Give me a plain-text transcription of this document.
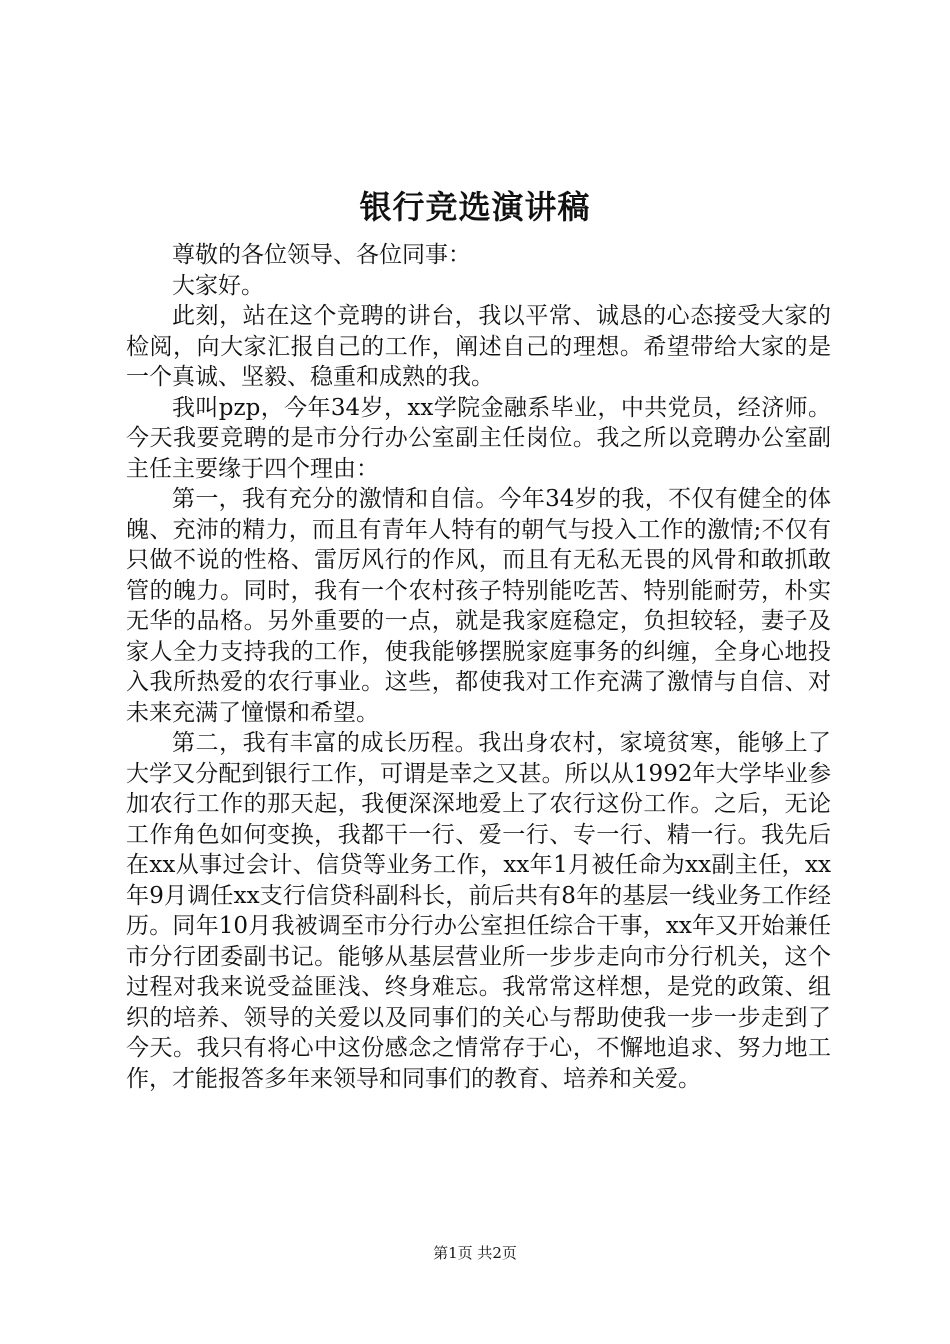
银行竞选演讲稿

尊敬的各位领导、各位同事：

大家好。

此刻，站在这个竞聘的讲台，我以平常、诚恳的心态接受大家的检阅，向大家汇报自己的工作，阐述自己的理想。希望带给大家的是一个真诚、坚毅、稳重和成熟的我。

我叫pzp，今年34岁，xx学院金融系毕业，中共党员，经济师。今天我要竞聘的是市分行办公室副主任岗位。我之所以竞聘办公室副主任主要缘于四个理由：

第一，我有充分的激情和自信。今年34岁的我，不仅有健全的体魄、充沛的精力，而且有青年人特有的朝气与投入工作的激情;不仅有只做不说的性格、雷厉风行的作风，而且有无私无畏的风骨和敢抓敢管的魄力。同时，我有一个农村孩子特别能吃苦、特别能耐劳，朴实无华的品格。另外重要的一点，就是我家庭稳定，负担较轻，妻子及家人全力支持我的工作，使我能够摆脱家庭事务的纠缠，全身心地投入我所热爱的农行事业。这些，都使我对工作充满了激情与自信、对未来充满了憧憬和希望。

第二，我有丰富的成长历程。我出身农村，家境贫寒，能够上了大学又分配到银行工作，可谓是幸之又甚。所以从1992年大学毕业参加农行工作的那天起，我便深深地爱上了农行这份工作。之后，无论工作角色如何变换，我都干一行、爱一行、专一行、精一行。我先后在xx从事过会计、信贷等业务工作，xx年1月被任命为xx副主任，xx年9月调任xx支行信贷科副科长，前后共有8年的基层一线业务工作经历。同年10月我被调至市分行办公室担任综合干事，xx年又开始兼任市分行团委副书记。能够从基层营业所一步步走向市分行机关，这个过程对我来说受益匪浅、终身难忘。我常常这样想，是党的政策、组织的培养、领导的关爱以及同事们的关心与帮助使我一步一步走到了今天。我只有将心中这份感念之情常存于心，不懈地追求、努力地工作，才能报答多年来领导和同事们的教育、培养和关爱。

第1页 共2页
